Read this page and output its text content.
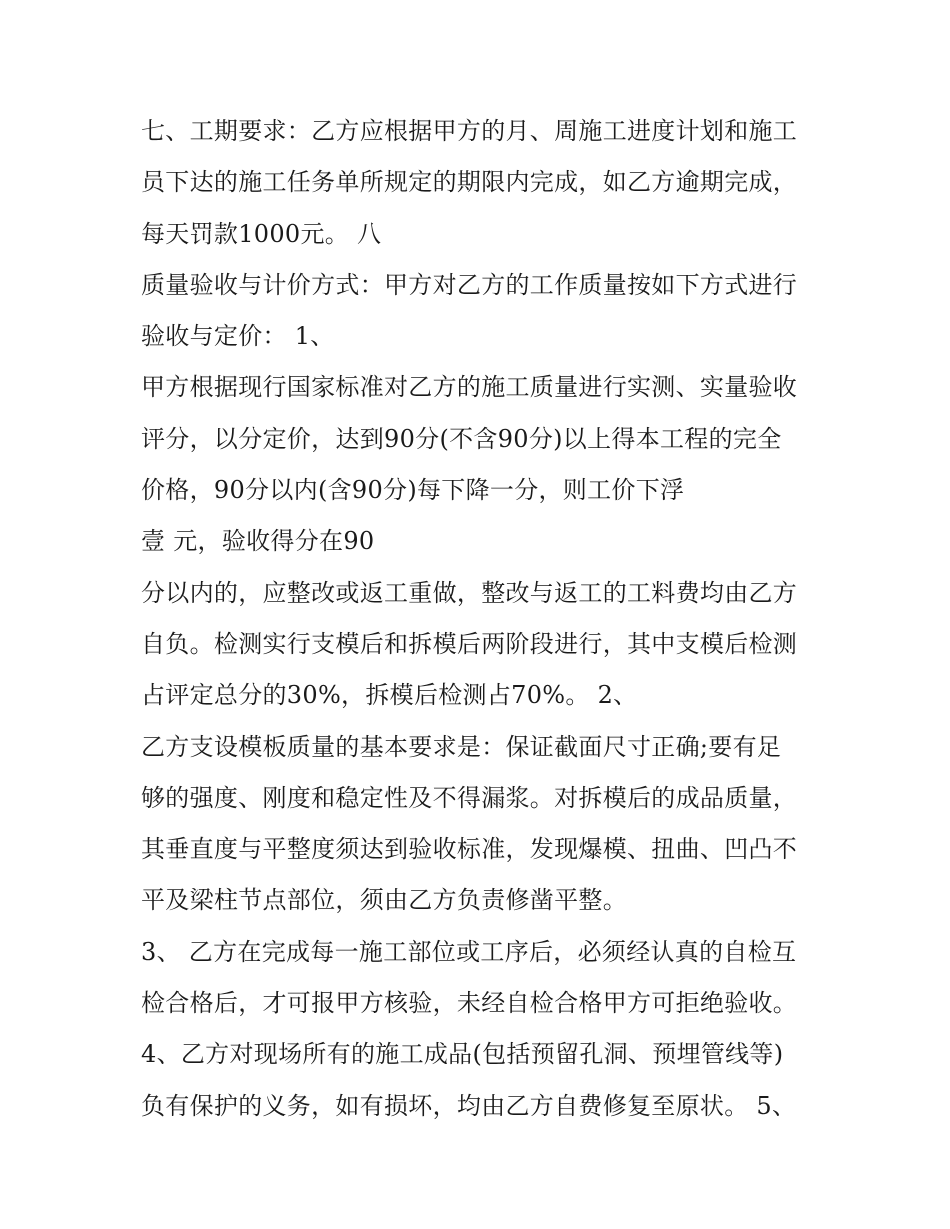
七、工期要求：乙方应根据甲方的月、周施工进度计划和施工
员下达的施工任务单所规定的期限内完成，如乙方逾期完成，
每天罚款1000元。 八
质量验收与计价方式：甲方对乙方的工作质量按如下方式进行
验收与定价： 1、
甲方根据现行国家标准对乙方的施工质量进行实测、实量验收
评分，以分定价，达到90分(不含90分)以上得本工程的完全
价格，90分以内(含90分)每下降一分，则工价下浮
壹 元，验收得分在90
分以内的，应整改或返工重做，整改与返工的工料费均由乙方
自负。检测实行支模后和拆模后两阶段进行，其中支模后检测
占评定总分的30%，拆模后检测占70%。 2、
乙方支设模板质量的基本要求是：保证截面尺寸正确;要有足
够的强度、刚度和稳定性及不得漏浆。对拆模后的成品质量，
其垂直度与平整度须达到验收标准，发现爆模、扭曲、凹凸不
平及梁柱节点部位，须由乙方负责修凿平整。
3、 乙方在完成每一施工部位或工序后，必须经认真的自检互
检合格后，才可报甲方核验，未经自检合格甲方可拒绝验收。
4、乙方对现场所有的施工成品(包括预留孔洞、预埋管线等)
负有保护的义务，如有损坏，均由乙方自费修复至原状。 5、
